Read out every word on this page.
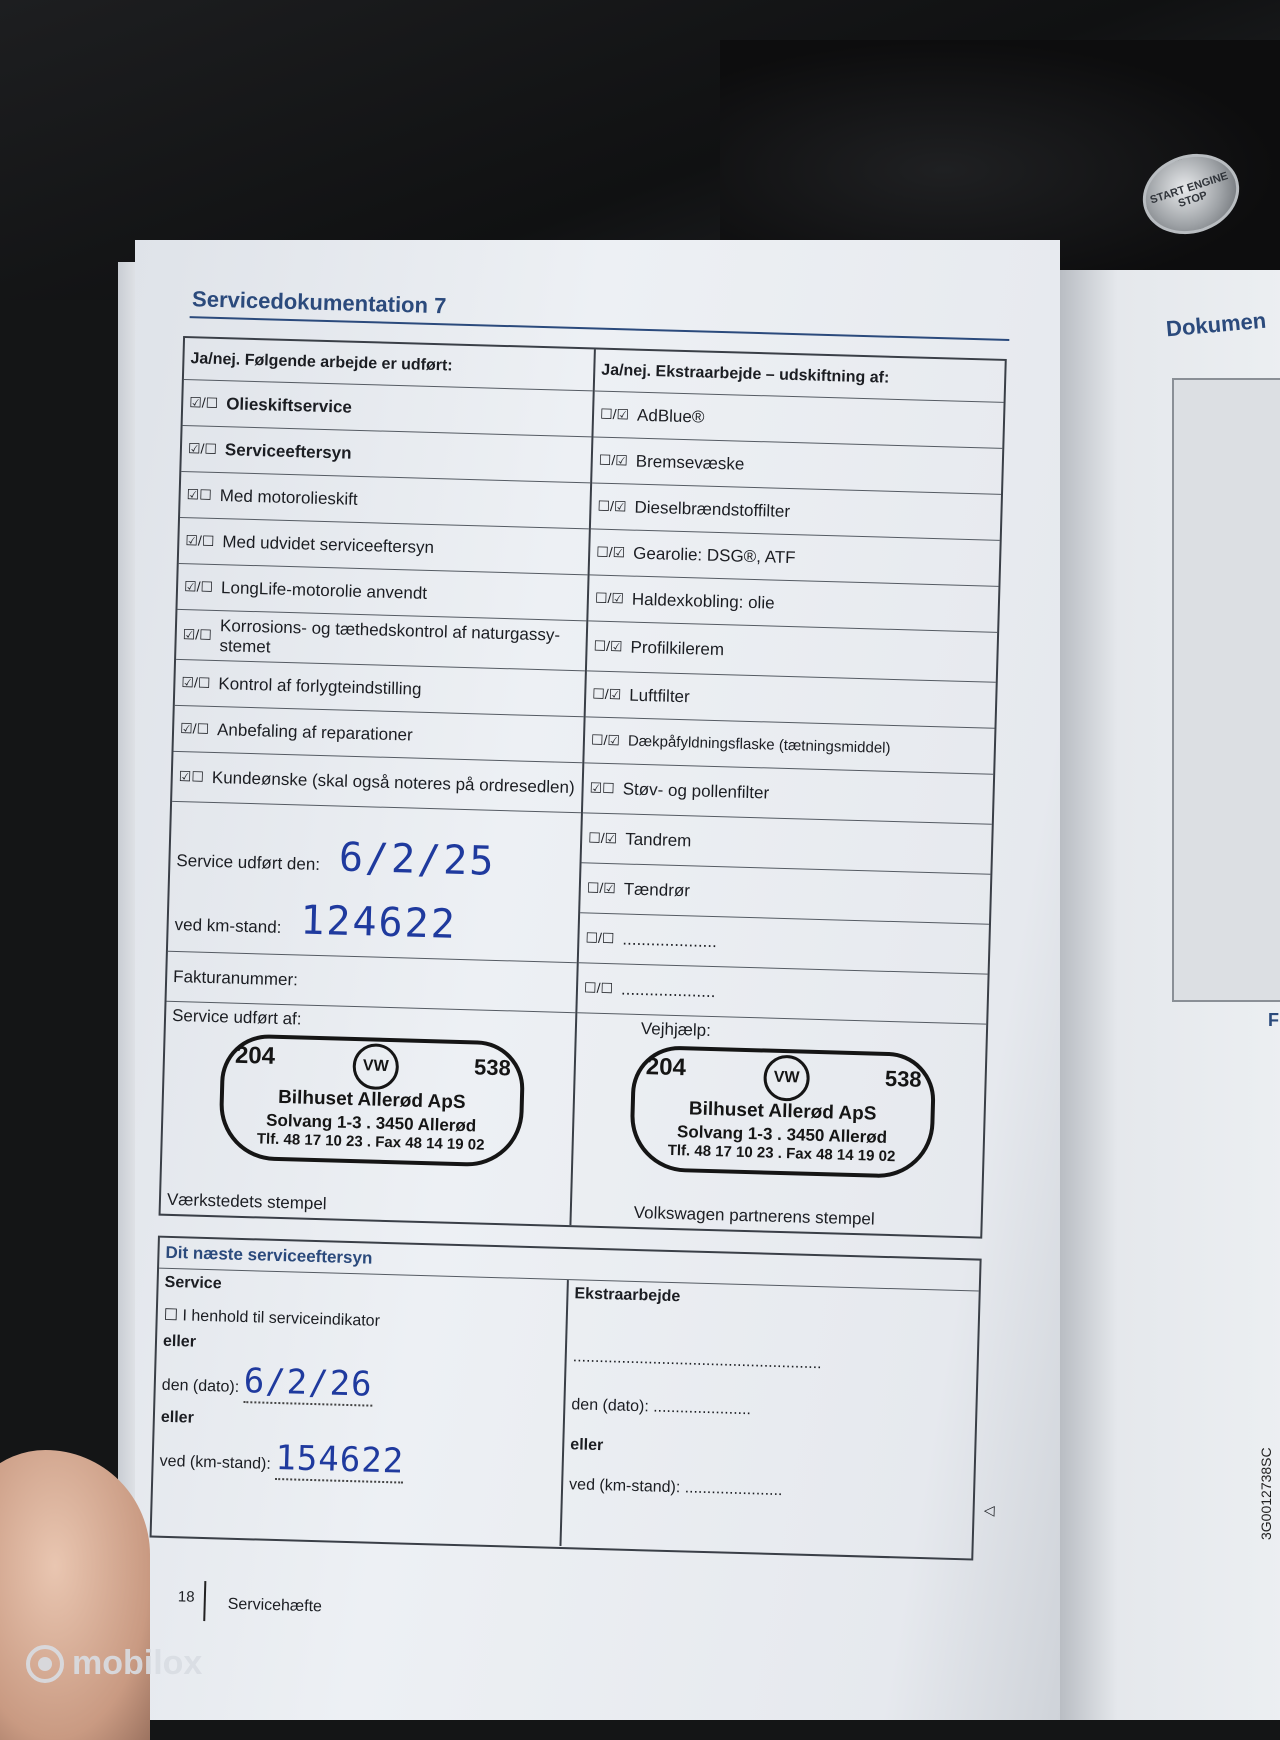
START ENGINE STOP
Dokumen
F
3G0012738SC
Servicedokumentation 7
Ja/nej. Følgende arbejde er udført:
☑/☐ Olieskiftservice
☑/☐ Serviceeftersyn
☑☐ Med motorolieskift
☑/☐ Med udvidet serviceeftersyn
☑/☐ LongLife-motorolie anvendt
☑/☐ Korrosions- og tæthedskontrol af naturgassy-stemet
☑/☐ Kontrol af forlygteindstilling
☑/☐ Anbefaling af reparationer
☑☐ Kundeønske (skal også noteres på ordresedlen)
Service udført den: 6/2/25
ved km-stand: 124622
Fakturanummer:
Service udført af:
204	VW	538
Bilhuset Allerød ApS
Solvang 1-3 . 3450 Allerød
Tlf. 48 17 10 23 . Fax 48 14 19 02
Værkstedets stempel
Ja/nej. Ekstraarbejde – udskiftning af:
☐/☑ AdBlue®
☐/☑ Bremsevæske
☐/☑ Dieselbrændstoffilter
☐/☑ Gearolie: DSG®, ATF
☐/☑ Haldexkobling: olie
☐/☑ Profilkilerem
☐/☑ Luftfilter
☐/☑ Dækpåfyldningsflaske (tætningsmiddel)
☑☐ Støv- og pollenfilter
☐/☑ Tandrem
☐/☑ Tændrør
☐/☐ ....................
☐/☐ ....................
Vejhjælp:
204	VW	538
Bilhuset Allerød ApS
Solvang 1-3 . 3450 Allerød
Tlf. 48 17 10 23 . Fax 48 14 19 02
Volkswagen partnerens stempel
Dit næste serviceeftersyn
Service
☐ I henhold til serviceindikator
eller
den (dato): 6/2/26
eller
ved (km-stand): 154622
Ekstraarbejde
........................................................
den (dato): ......................
eller
ved (km-stand): ......................
◁
18 Servicehæfte
mobilox
